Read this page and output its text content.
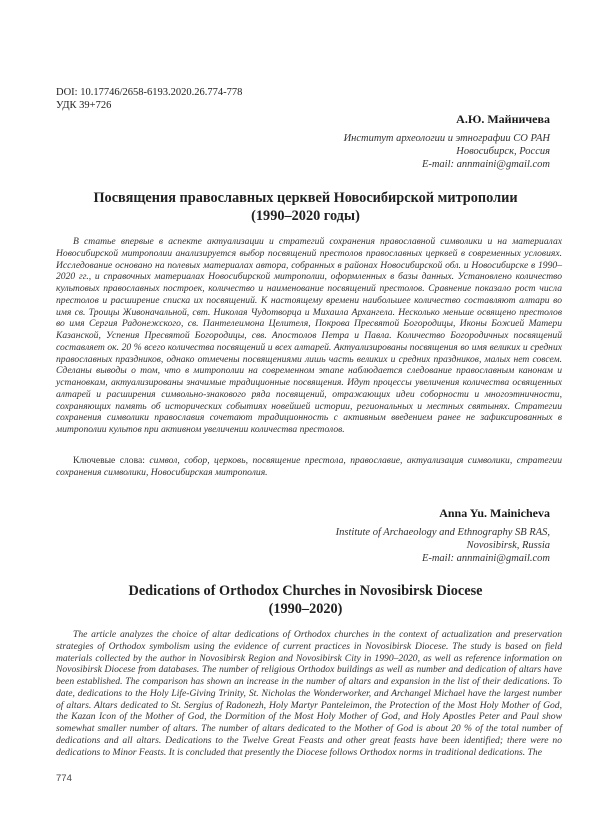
DOI: 10.17746/2658-6193.2020.26.774-778
УДК 39+726
А.Ю. Майничева
Институт археологии и этнографии СО РАН
Новосибирск, Россия
E-mail: annmaini@gmail.com
Посвящения православных церквей Новосибирской митрополии
(1990–2020 годы)
В статье впервые в аспекте актуализации и стратегий сохранения православной символики и на материалах Новосибирской митрополии анализируется выбор посвящений престолов православных церквей в современных условиях. Исследование основано на полевых материалах автора, собранных в районах Новосибирской обл. и Новосибирске в 1990–2020 гг., и справочных материалах Новосибирской митрополии, оформленных в базы данных. Установлено количество культовых православных построек, количество и наименование посвящений престолов. Сравнение показало рост числа престолов и расширение списка их посвящений. К настоящему времени наибольшее количество составляют алтари во имя св. Троицы Живоначальной, свт. Николая Чудотворца и Михаила Архангела. Несколько меньше освящено престолов во имя Сергия Радонежского, св. Пантелеимона Целителя, Покрова Пресвятой Богородицы, Иконы Божией Матери Казанской, Успения Пресвятой Богородицы, свв. Апостолов Петра и Павла. Количество Богородичных посвящений составляет ок. 20 % всего количества посвящений и всех алтарей. Актуализированы посвящения во имя великих и средних православных праздников, однако отмечены посвящениями лишь часть великих и средних праздников, малых нет совсем. Сделаны выводы о том, что в митрополии на современном этапе наблюдается следование православным канонам и установкам, актуализированы значимые традиционные посвящения. Идут процессы увеличения количества освященных алтарей и расширения символьно-знакового ряда посвящений, отражающих идеи соборности и многоэтничности, сохраняющих память об исторических событиях новейшей истории, региональных и местных святынях. Стратегии сохранения символики православия сочетают традиционность с активным введением ранее не зафиксированных в митрополии культов при активном увеличении количества престолов.
Ключевые слова: символ, собор, церковь, посвящение престола, православие, актуализация символики, стратегии сохранения символики, Новосибирская митрополия.
Anna Yu. Mainicheva
Institute of Archaeology and Ethnography SB RAS,
Novosibirsk, Russia
E-mail: annmaini@gmail.com
Dedications of Orthodox Churches in Novosibirsk Diocese
(1990–2020)
The article analyzes the choice of altar dedications of Orthodox churches in the context of actualization and preservation strategies of Orthodox symbolism using the evidence of current practices in Novosibirsk Diocese. The study is based on field materials collected by the author in Novosibirsk Region and Novosibirsk City in 1990–2020, as well as reference information on Novosibirsk Diocese from databases. The number of religious Orthodox buildings as well as number and dedication of altars have been established. The comparison has shown an increase in the number of altars and expansion in the list of their dedications. To date, dedications to the Holy Life-Giving Trinity, St. Nicholas the Wonderworker, and Archangel Michael have the largest number of altars. Altars dedicated to St. Sergius of Radonezh, Holy Martyr Panteleimon, the Protection of the Most Holy Mother of God, the Kazan Icon of the Mother of God, the Dormition of the Most Holy Mother of God, and Holy Apostles Peter and Paul show somewhat smaller number of altars. The number of altars dedicated to the Mother of God is about 20 % of the total number of dedications and all altars. Dedications to the Twelve Great Feasts and other great feasts have been identified; there were no dedications to Minor Feasts. It is concluded that presently the Diocese follows Orthodox norms in traditional dedications. The
774
